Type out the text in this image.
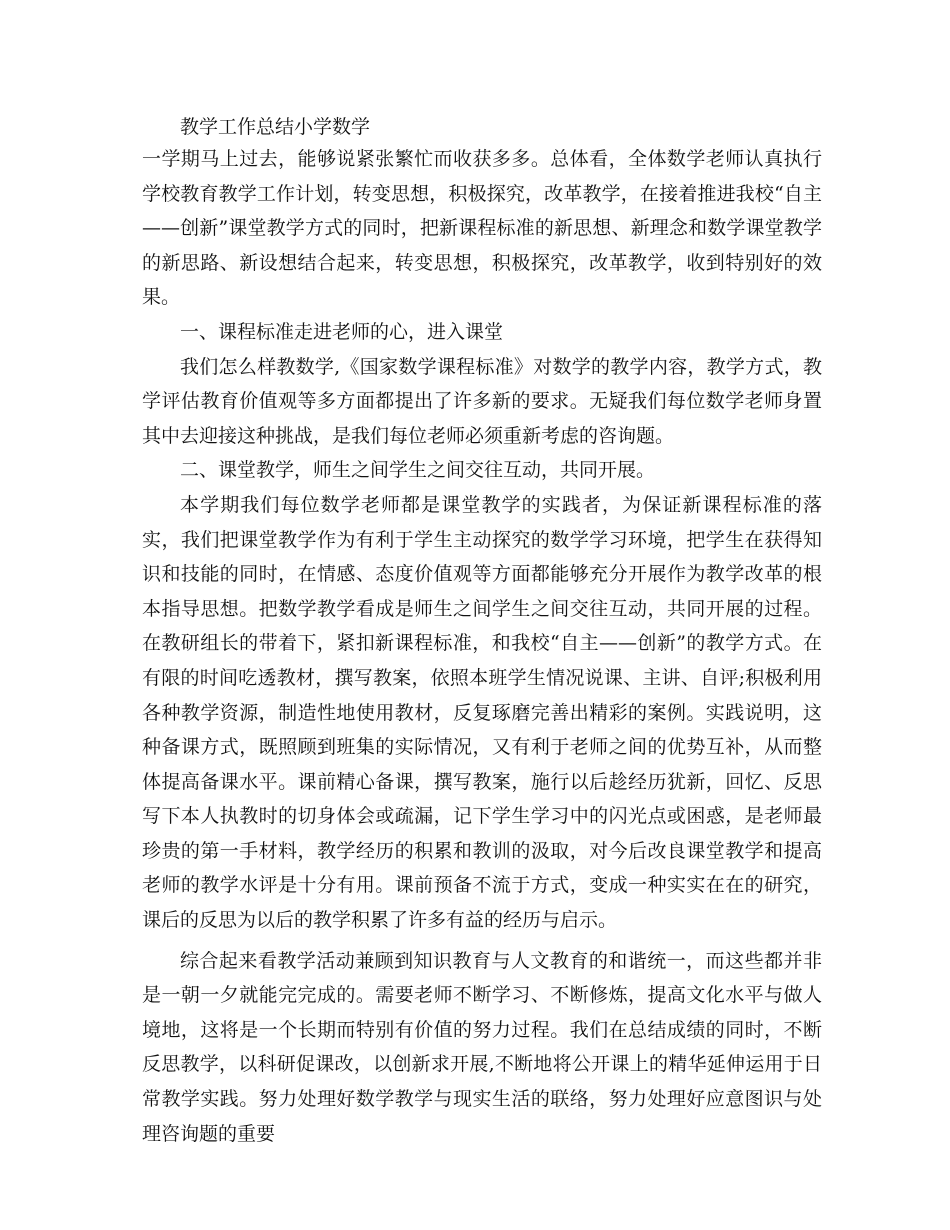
教学工作总结小学数学
一学期马上过去，能够说紧张繁忙而收获多多。总体看，全体数学老师认真执行学校教育教学工作计划，转变思想，积极探究，改革教学，在接着推进我校“自主——创新”课堂教学方式的同时，把新课程标准的新思想、新理念和数学课堂教学的新思路、新设想结合起来，转变思想，积极探究，改革教学，收到特别好的效果。
一、课程标准走进老师的心，进入课堂
我们怎么样教数学,《国家数学课程标准》对数学的教学内容，教学方式，教学评估教育价值观等多方面都提出了许多新的要求。无疑我们每位数学老师身置其中去迎接这种挑战，是我们每位老师必须重新考虑的咨询题。
二、课堂教学，师生之间学生之间交往互动，共同开展。
本学期我们每位数学老师都是课堂教学的实践者，为保证新课程标准的落实，我们把课堂教学作为有利于学生主动探究的数学学习环境，把学生在获得知识和技能的同时，在情感、态度价值观等方面都能够充分开展作为教学改革的根本指导思想。把数学教学看成是师生之间学生之间交往互动，共同开展的过程。在教研组长的带着下，紧扣新课程标准，和我校“自主——创新”的教学方式。在有限的时间吃透教材，撰写教案，依照本班学生情况说课、主讲、自评;积极利用各种教学资源，制造性地使用教材，反复琢磨完善出精彩的案例。实践说明，这种备课方式，既照顾到班集的实际情况，又有利于老师之间的优势互补，从而整体提高备课水平。课前精心备课，撰写教案，施行以后趁经历犹新，回忆、反思写下本人执教时的切身体会或疏漏，记下学生学习中的闪光点或困惑，是老师最珍贵的第一手材料，教学经历的积累和教训的汲取，对今后改良课堂教学和提高老师的教学水评是十分有用。课前预备不流于方式，变成一种实实在在的研究，课后的反思为以后的教学积累了许多有益的经历与启示。
综合起来看教学活动兼顾到知识教育与人文教育的和谐统一，而这些都并非是一朝一夕就能完完成的。需要老师不断学习、不断修炼，提高文化水平与做人境地，这将是一个长期而特别有价值的努力过程。我们在总结成绩的同时，不断反思教学，以科研促课改，以创新求开展,不断地将公开课上的精华延伸运用于日常教学实践。努力处理好数学教学与现实生活的联络，努力处理好应意图识与处理咨询题的重要
